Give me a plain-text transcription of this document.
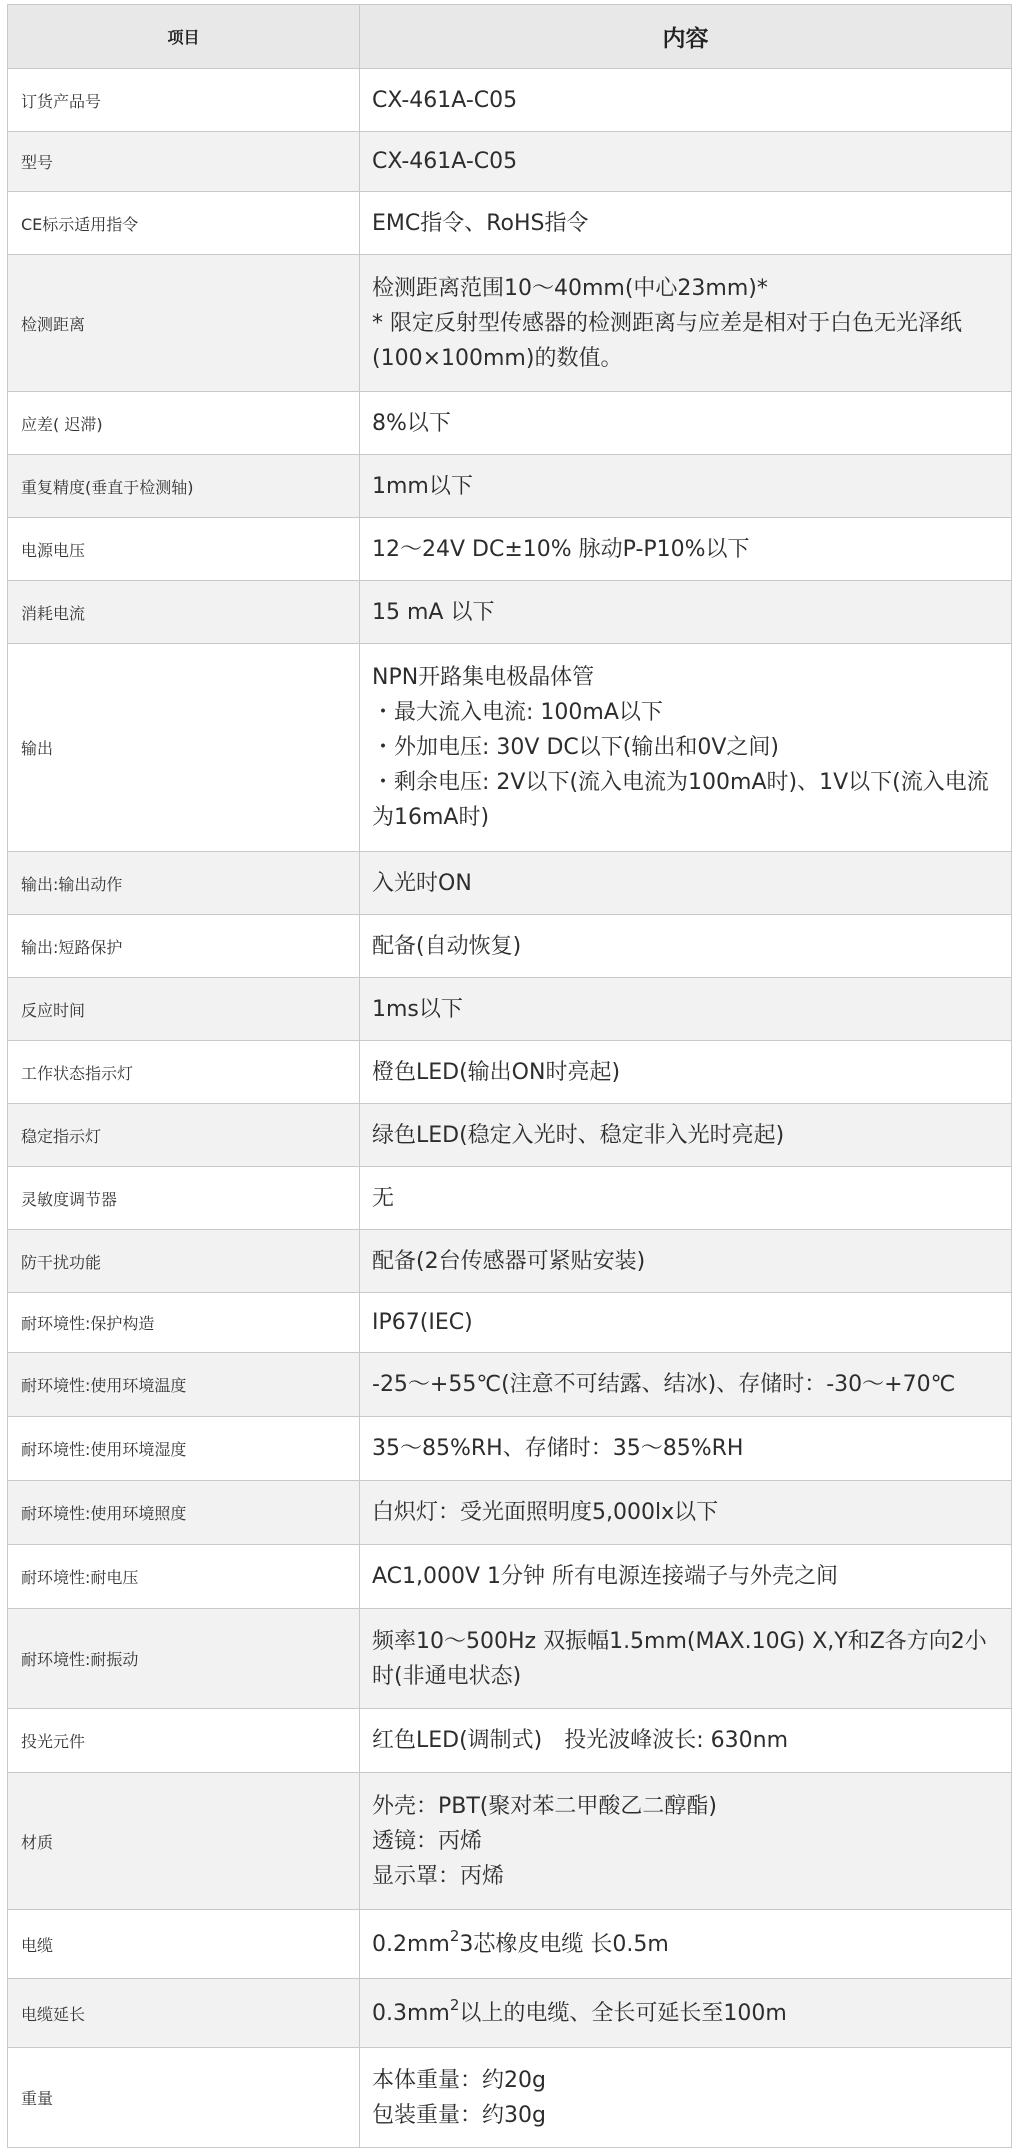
项目	内容
订货产品号	CX-461A-C05

型号	CX-461A-C05

CE标示适用指令	EMC指令、RoHS指令

检测距离	检测距离范围10～40mm(中心23mm)*
* 限定反射型传感器的检测距离与应差是相对于白色无光泽纸(100×100mm)的数值。

应差( 迟滞)	8%以下

重复精度(垂直于检测轴)	1mm以下

电源电压	12～24V DC±10% 脉动P-P10%以下

消耗电流	15 mA 以下

输出	NPN开路集电极晶体管
・最大流入电流: 100mA以下
・外加电压: 30V DC以下(输出和0V之间)
・剩余电压: 2V以下(流入电流为100mA时)、1V以下(流入电流为16mA时)

输出:输出动作	入光时ON

输出:短路保护	配备(自动恢复)

反应时间	1ms以下

工作状态指示灯	橙色LED(输出ON时亮起)

稳定指示灯	绿色LED(稳定入光时、稳定非入光时亮起)

灵敏度调节器	无

防干扰功能	配备(2台传感器可紧贴安装)

耐环境性:保护构造	IP67(IEC)

耐环境性:使用环境温度	-25～+55℃(注意不可结露、结冰)、存储时：-30～+70℃

耐环境性:使用环境湿度	35～85%RH、存储时：35～85%RH

耐环境性:使用环境照度	白炽灯：受光面照明度5,000lx以下

耐环境性:耐电压	AC1,000V 1分钟 所有电源连接端子与外壳之间

耐环境性:耐振动	频率10～500Hz 双振幅1.5mm(MAX.10G) X,Y和Z各方向2小时(非通电状态)

投光元件	红色LED(调制式)　投光波峰波长: 630nm

材质	外壳：PBT(聚对苯二甲酸乙二醇酯)
透镜：丙烯
显示罩：丙烯

电缆	$0.2mm^23$芯橡皮电缆 长0.5m

电缆延长	$0.3mm^2$以上的电缆、全长可延长至100m

重量	本体重量：约20g
包装重量：约30g
